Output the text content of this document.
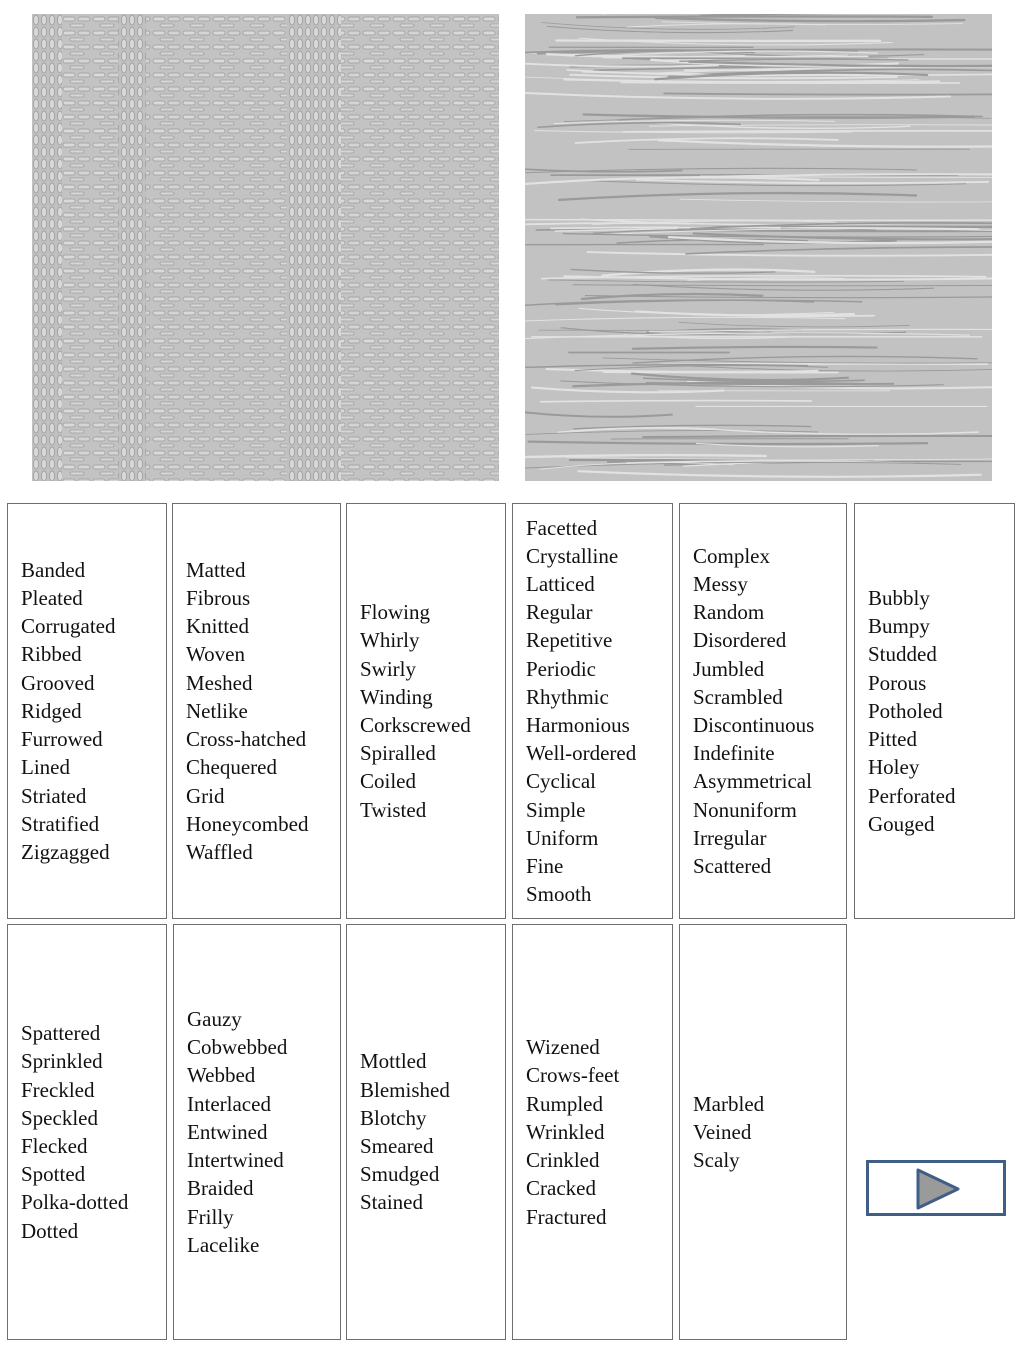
Banded
Pleated
Corrugated
Ribbed
Grooved
Ridged
Furrowed
Lined
Striated
Stratified
Zigzagged
Matted
Fibrous
Knitted
Woven
Meshed
Netlike
Cross-hatched
Chequered
Grid
Honeycombed
Waffled
Flowing
Whirly
Swirly
Winding
Corkscrewed
Spiralled
Coiled
Twisted
Facetted
Crystalline
Latticed
Regular
Repetitive
Periodic
Rhythmic
Harmonious
Well-ordered
Cyclical
Simple
Uniform
Fine
Smooth
Complex
Messy
Random
Disordered
Jumbled
Scrambled
Discontinuous
Indefinite
Asymmetrical
Nonuniform
Irregular
Scattered
Bubbly
Bumpy
Studded
Porous
Potholed
Pitted
Holey
Perforated
Gouged
Spattered
Sprinkled
Freckled
Speckled
Flecked
Spotted
Polka-dotted
Dotted
Gauzy
Cobwebbed
Webbed
Interlaced
Entwined
Intertwined
Braided
Frilly
Lacelike
Mottled
Blemished
Blotchy
Smeared
Smudged
Stained
Wizened
Crows-feet
Rumpled
Wrinkled
Crinkled
Cracked
Fractured
Marbled
Veined
Scaly
